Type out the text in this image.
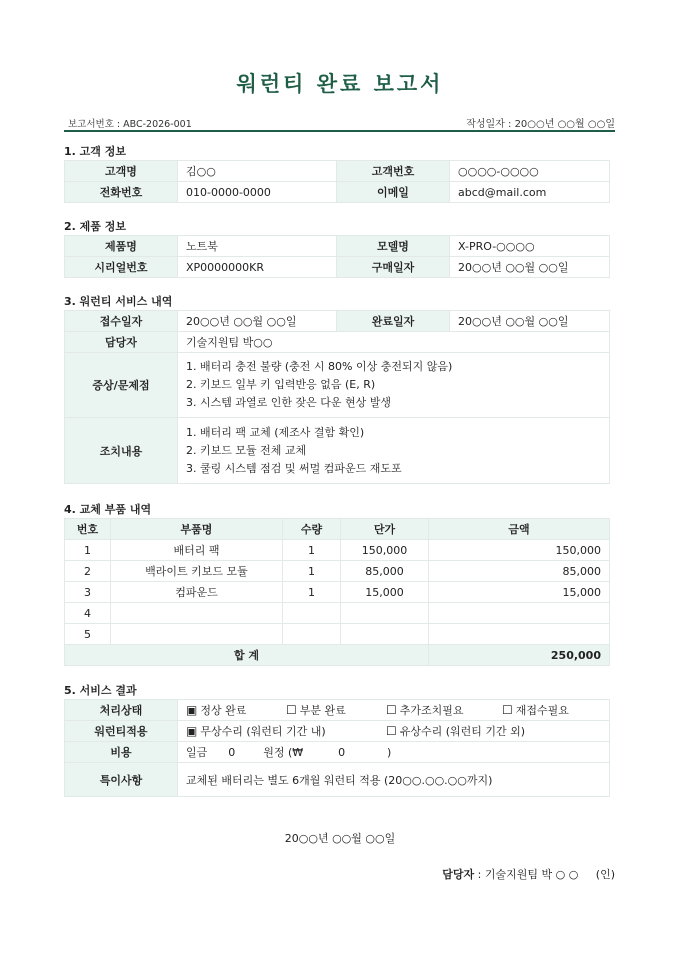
워런티 완료 보고서
보고서번호 : ABC-2026-001	작성일자 : 20○○년 ○○월 ○○일
1. 고객 정보
고객명	김○○	고객번호	○○○○-○○○○
전화번호	010-0000-0000	이메일	abcd@mail.com
2. 제품 정보
제품명	노트북	모델명	X-PRO-○○○○
시리얼번호	XP0000000KR	구매일자	20○○년 ○○월 ○○일
3. 워런티 서비스 내역
접수일자	20○○년 ○○월 ○○일	완료일자	20○○년 ○○월 ○○일
담당자	기술지원팀 박○○		
증상/문제점	1. 배터리 충전 불량 (충전 시 80% 이상 충전되지 않음)
2. 키보드 일부 키 입력반응 없음 (E, R)
3. 시스템 과열로 인한 잦은 다운 현상 발생		

조치내용	1. 배터리 팩 교체 (제조사 결함 확인)
2. 키보드 모듈 전체 교체
3. 쿨링 시스템 점검 및 써멀 컴파운드 재도포		
4. 교체 부품 내역
번호	부품명	수량	단가	금액
1	배터리 팩	1	150,000	150,000
2	백라이트 키보드 모듈	1	85,000	85,000
3	컴파운드	1	15,000	15,000
4				
5				
합 계				250,000
5. 서비스 결과
처리상태	▣ 정상 완료 ☐ 부분 완료 ☐ 추가조치필요 ☐ 재접수필요
워런티적용	▣ 무상수리 (워런티 기간 내) ☐ 유상수리 (워런티 기간 외)
비용	일금      0        원정 (₩          0            )
특이사항	교체된 배터리는 별도 6개월 워런티 적용 (20○○.○○.○○까지)
20○○년 ○○월 ○○일
담당자 : 기술지원팀 박 ○ ○     (인)
